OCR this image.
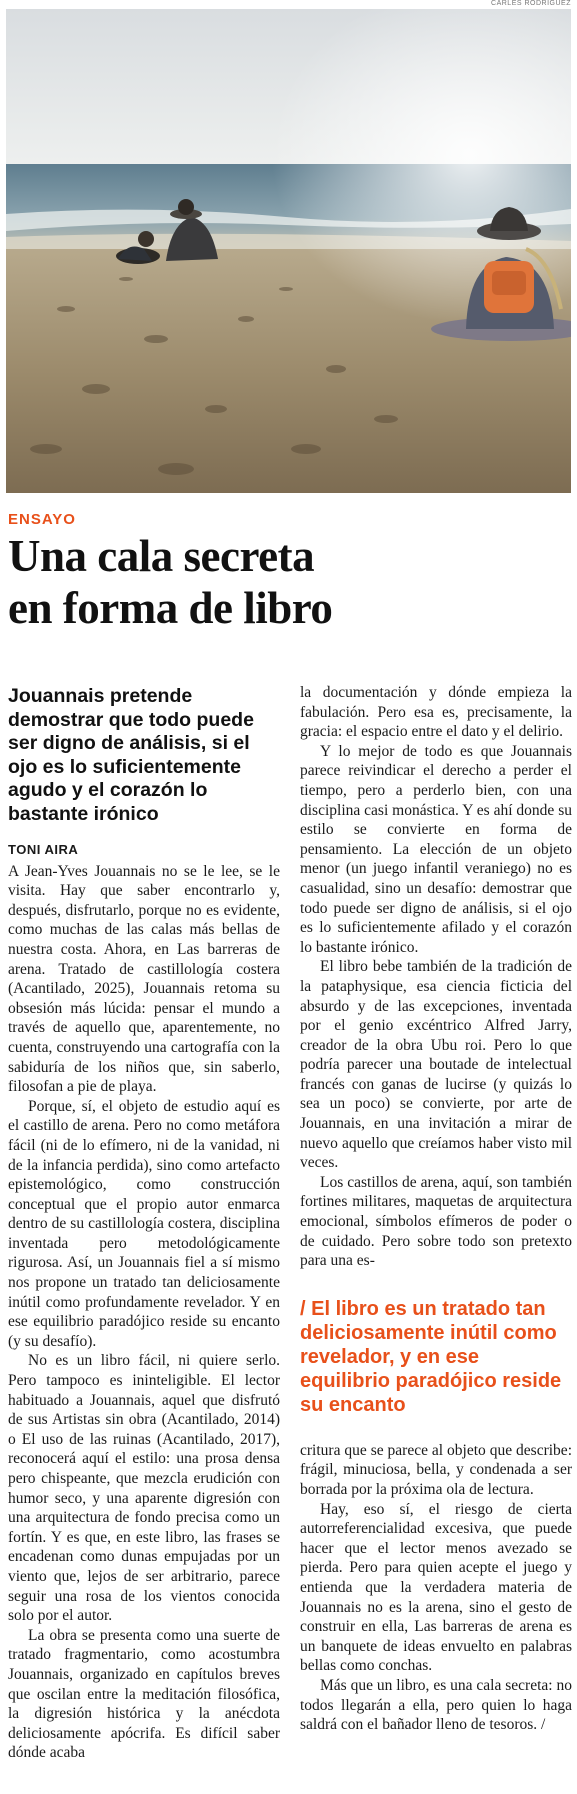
CARLES RODRÍGUEZ
ENSAYO
Una cala secreta
en forma de libro
Jouannais pretende demostrar que todo puede ser digno de análisis, si el ojo es lo suficientemente agudo y el corazón lo bastante irónico
TONI AIRA

A Jean-Yves Jouannais no se le lee, se le visita. Hay que saber encontrarlo y, después, disfrutarlo, porque no es evidente, como muchas de las calas más bellas de nuestra costa. Ahora, en Las barreras de arena. Tratado de castillología costera (Acantilado, 2025), Jouannais retoma su obsesión más lúcida: pensar el mundo a través de aquello que, aparentemente, no cuenta, construyendo una cartografía con la sabiduría de los niños que, sin saberlo, filosofan a pie de playa.

Porque, sí, el objeto de estudio aquí es el castillo de arena. Pero no como metáfora fácil (ni de lo efímero, ni de la vanidad, ni de la infancia perdida), sino como artefacto epistemológico, como construcción conceptual que el propio autor enmarca dentro de su castillología costera, disciplina inventada pero metodológicamente rigurosa. Así, un Jouannais fiel a sí mismo nos propone un tratado tan deliciosamente inútil como profundamente revelador. Y en ese equilibrio paradójico reside su encanto (y su desafío).

No es un libro fácil, ni quiere serlo. Pero tampoco es ininteligible. El lector habituado a Jouannais, aquel que disfrutó de sus Artistas sin obra (Acantilado, 2014) o El uso de las ruinas (Acantilado, 2017), reconocerá aquí el estilo: una prosa densa pero chispeante, que mezcla erudición con humor seco, y una aparente digresión con una arquitectura de fondo precisa como un fortín. Y es que, en este libro, las frases se encadenan como dunas empujadas por un viento que, lejos de ser arbitrario, parece seguir una rosa de los vientos conocida solo por el autor.

La obra se presenta como una suerte de tratado fragmentario, como acostumbra Jouannais, organizado en capítulos breves que oscilan entre la meditación filosófica, la digresión histórica y la anécdota deliciosamente apócrifa. Es difícil saber dónde acaba

la documentación y dónde empieza la fabulación. Pero esa es, precisamente, la gracia: el espacio entre el dato y el delirio.

Y lo mejor de todo es que Jouannais parece reivindicar el derecho a perder el tiempo, pero a perderlo bien, con una disciplina casi monástica. Y es ahí donde su estilo se convierte en forma de pensamiento. La elección de un objeto menor (un juego infantil veraniego) no es casualidad, sino un desafío: demostrar que todo puede ser digno de análisis, si el ojo es lo suficientemente afilado y el corazón lo bastante irónico.

El libro bebe también de la tradición de la pataphysique, esa ciencia ficticia del absurdo y de las excepciones, inventada por el genio excéntrico Alfred Jarry, creador de la obra Ubu roi. Pero lo que podría parecer una boutade de intelectual francés con ganas de lucirse (y quizás lo sea un poco) se convierte, por arte de Jouannais, en una invitación a mirar de nuevo aquello que creíamos haber visto mil veces.

Los castillos de arena, aquí, son también fortines militares, maquetas de arquitectura emocional, símbolos efímeros de poder o de cuidado. Pero sobre todo son pretexto para una es-

/ El libro es un tratado tan deliciosamente inútil como revelador, y en ese equilibrio paradójico reside su encanto

critura que se parece al objeto que describe: frágil, minuciosa, bella, y condenada a ser borrada por la próxima ola de lectura.

Hay, eso sí, el riesgo de cierta autorreferencialidad excesiva, que puede hacer que el lector menos avezado se pierda. Pero para quien acepte el juego y entienda que la verdadera materia de Jouannais no es la arena, sino el gesto de construir en ella, Las barreras de arena es un banquete de ideas envuelto en palabras bellas como conchas.

Más que un libro, es una cala secreta: no todos llegarán a ella, pero quien lo haga saldrá con el bañador lleno de tesoros. /
